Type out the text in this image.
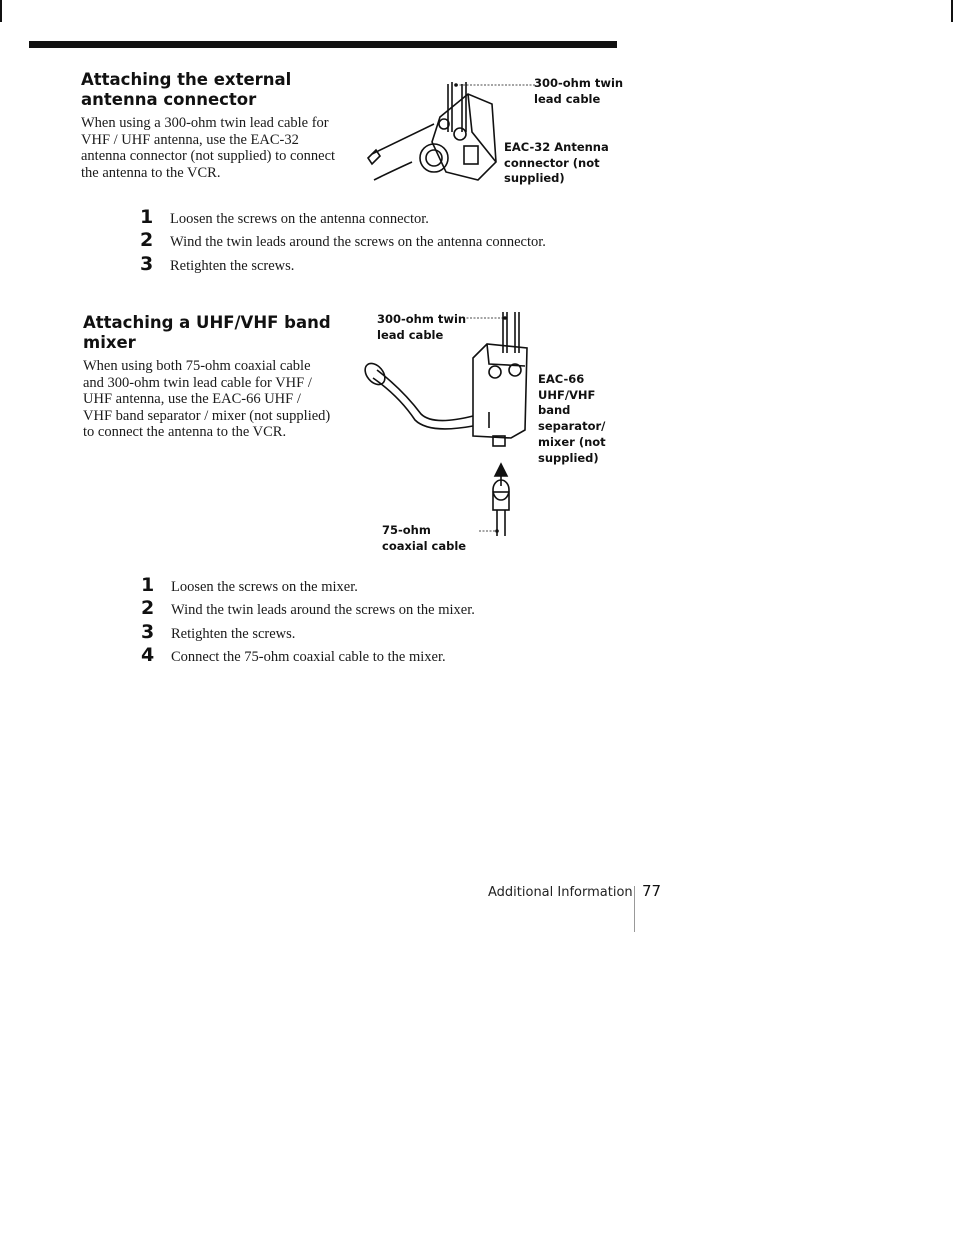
Attaching the external antenna connector

When using a 300-ohm twin lead cable for VHF / UHF antenna, use the EAC-32 antenna connector (not supplied) to connect the antenna to the VCR.

300-ohm twin lead cable

EAC-32 Antenna connector (not supplied)

1	Loosen the screws on the antenna connector.
2	Wind the twin leads around the screws on the antenna connector.
3	Retighten the screws.
Attaching a UHF/VHF band mixer

When using both 75-ohm coaxial cable and 300-ohm twin lead cable for VHF / UHF antenna, use the EAC-66 UHF / VHF band separator / mixer (not supplied) to connect the antenna to the VCR.

300-ohm twin lead cable

EAC-66 UHF/VHF band separator/ mixer (not supplied)

75-ohm coaxial cable

1	Loosen the screws on the mixer.
2	Wind the twin leads around the screws on the mixer.
3	Retighten the screws.
4	Connect the 75-ohm coaxial cable to the mixer.
Additional Information 77
